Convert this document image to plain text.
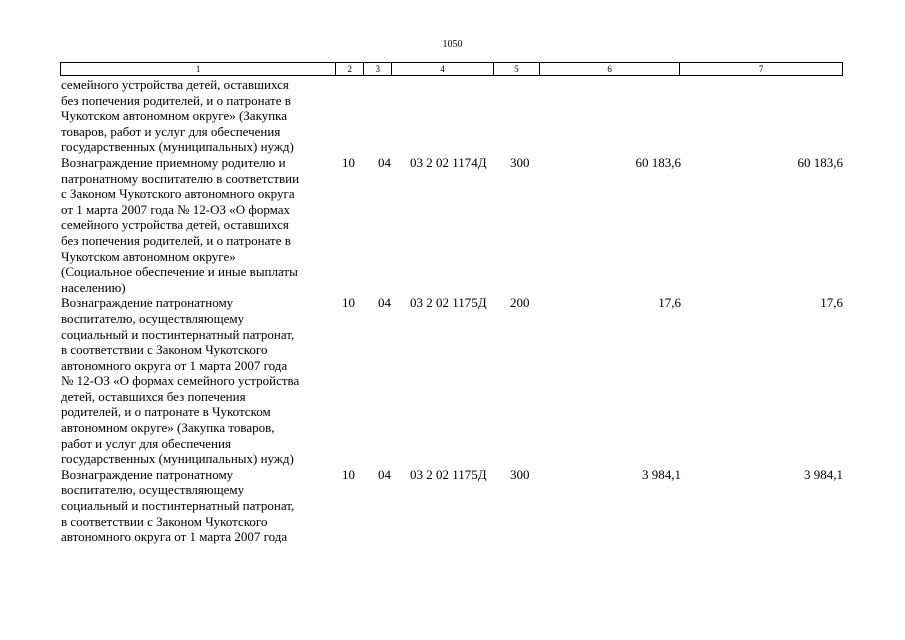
1050
1	2	3	4	5	6	7
семейного устройства детей, оставшихся
без попечения родителей, и о патронате в
Чукотском автономном округе» (Закупка
товаров, работ и услуг для обеспечения
государственных (муниципальных) нужд)
Вознаграждение приемному родителю и
патронатному воспитателю в соответствии
с Законом Чукотского автономного округа
от 1 марта 2007 года № 12-ОЗ «О формах
семейного устройства детей, оставшихся
без попечения родителей, и о патронате в
Чукотском автономном округе»
(Социальное обеспечение и иные выплаты
населению)
10	04	03 2 02 1174Д	300	60 183,6	60 183,6
Вознаграждение патронатному
воспитателю, осуществляющему
социальный и постинтернатный патронат,
в соответствии с Законом Чукотского
автономного округа от 1 марта 2007 года
№ 12-ОЗ «О формах семейного устройства
детей, оставшихся без попечения
родителей, и о патронате в Чукотском
автономном округе» (Закупка товаров,
работ и услуг для обеспечения
государственных (муниципальных) нужд)
10	04	03 2 02 1175Д	200	17,6	17,6
Вознаграждение патронатному
воспитателю, осуществляющему
социальный и постинтернатный патронат,
в соответствии с Законом Чукотского
автономного округа от 1 марта 2007 года
10	04	03 2 02 1175Д	300	3 984,1	3 984,1
